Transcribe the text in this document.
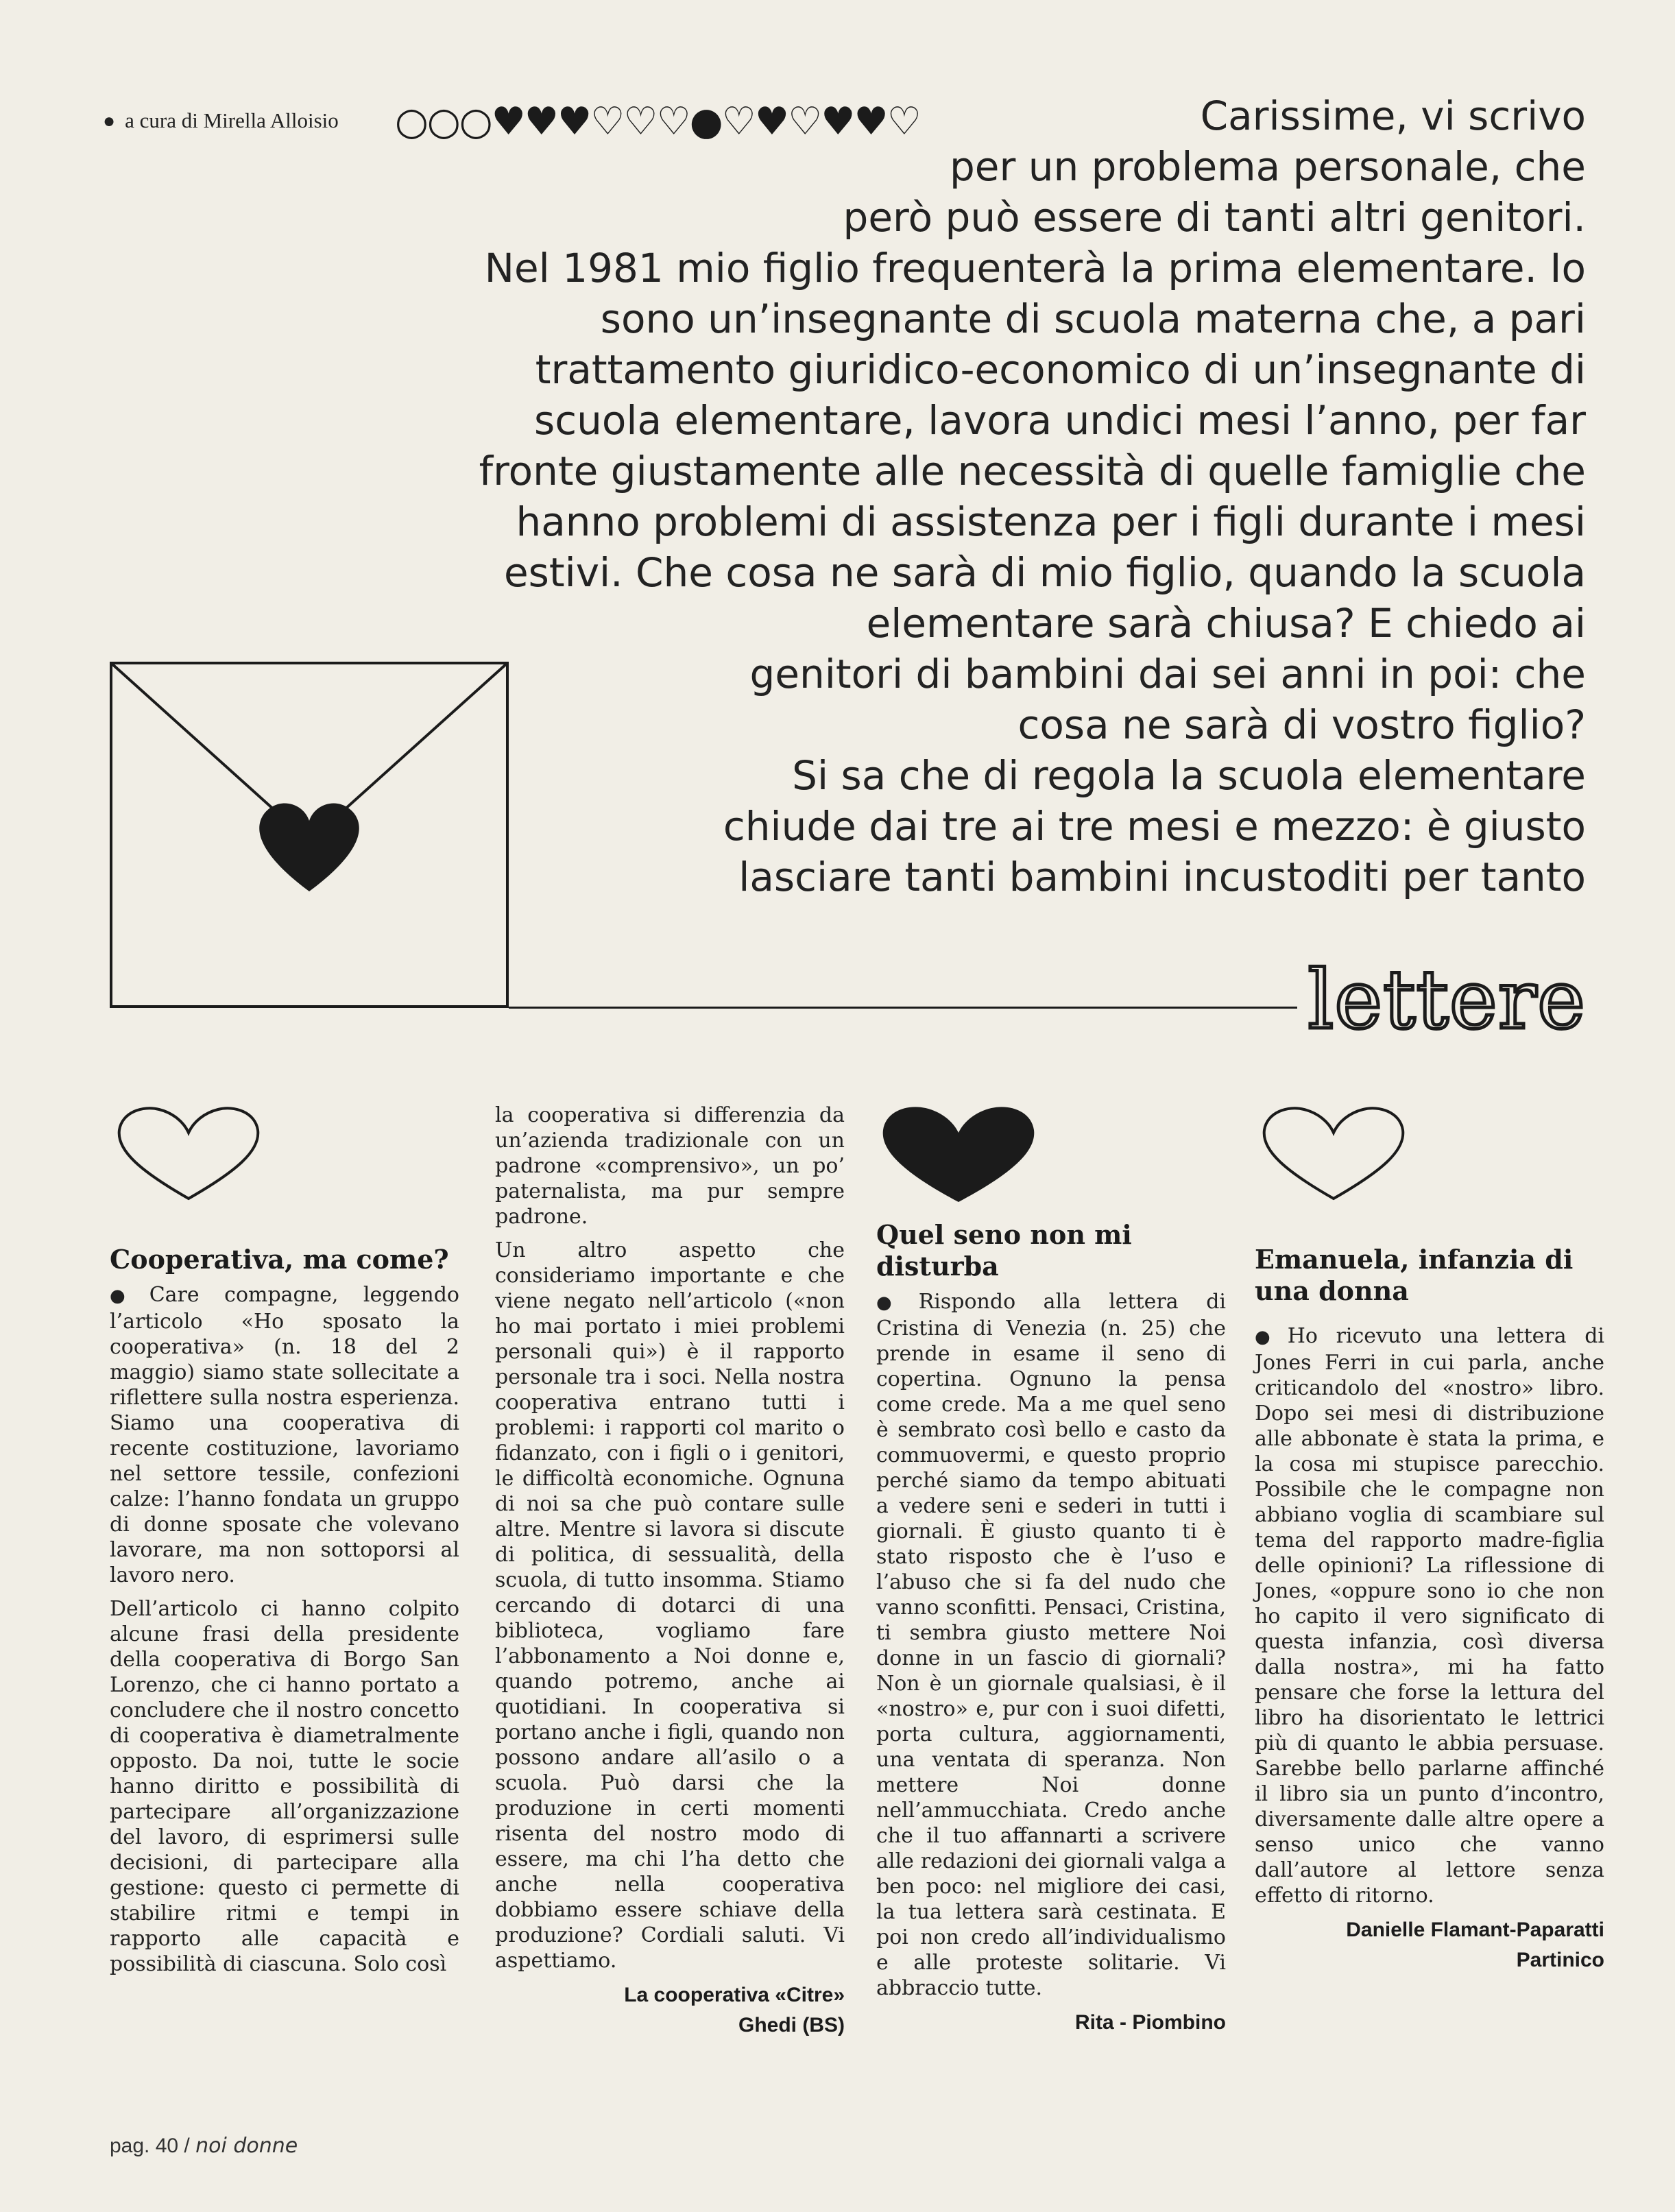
● a cura di Mirella Alloisio ○○○♥♥♥♡♡♡●♡♥♡♥♥♡	Carissime, vi scrivo
per un problema personale, che
però può essere di tanti altri genitori.
Nel 1981 mio figlio frequenterà la prima elementare. Io
sono un’insegnante di scuola materna che, a pari
trattamento giuridico-economico di un’insegnante di
scuola elementare, lavora undici mesi l’anno, per far
fronte giustamente alle necessità di quelle famiglie che
hanno problemi di assistenza per i figli durante i mesi
estivi. Che cosa ne sarà di mio figlio, quando la scuola
elementare sarà chiusa? E chiedo ai
genitori di bambini dai sei anni in poi: che
cosa ne sarà di vostro figlio?
Si sa che di regola la scuola elementare
chiude dai tre ai tre mesi e mezzo: è giusto
lasciare tanti bambini incustoditi per tanto
lettere
Cooperativa, ma come?

● Care compagne, leggendo l’articolo «Ho sposato la cooperativa» (n. 18 del 2 maggio) siamo state sollecitate a riflettere sulla nostra esperienza. Siamo una cooperativa di recente costituzione, lavoriamo nel settore tessile, confezioni calze: l’hanno fondata un gruppo di donne sposate che volevano lavorare, ma non sottoporsi al lavoro nero.

Dell’articolo ci hanno colpito alcune frasi della presidente della cooperativa di Borgo San Lorenzo, che ci hanno portato a concludere che il nostro concetto di cooperativa è diametralmente opposto. Da noi, tutte le socie hanno diritto e possibilità di partecipare all’organizzazione del lavoro, di esprimersi sulle decisioni, di partecipare alla gestione: questo ci permette di stabilire ritmi e tempi in rapporto alle capacità e possibilità di ciascuna. Solo così

la cooperativa si differenzia da un’azienda tradizionale con un padrone «comprensivo», un po’ paternalista, ma pur sempre padrone.

Un altro aspetto che consideriamo importante e che viene negato nell’articolo («non ho mai portato i miei problemi personali qui») è il rapporto personale tra i soci. Nella nostra cooperativa entrano tutti i problemi: i rapporti col marito o fidanzato, con i figli o i genitori, le difficoltà economiche. Ognuna di noi sa che può contare sulle altre. Mentre si lavora si discute di politica, di sessualità, della scuola, di tutto insomma. Stiamo cercando di dotarci di una biblioteca, vogliamo fare l’abbonamento a Noi donne e, quando potremo, anche ai quotidiani. In cooperativa si portano anche i figli, quando non possono andare all’asilo o a scuola. Può darsi che la produzione in certi momenti risenta del nostro modo di essere, ma chi l’ha detto che anche nella cooperativa dobbiamo essere schiave della produzione? Cordiali saluti. Vi aspettiamo.

La cooperativa «Citre»
Ghedi (BS)
Quel seno non mi disturba

● Rispondo alla lettera di Cristina di Venezia (n. 25) che prende in esame il seno di copertina. Ognuno la pensa come crede. Ma a me quel seno è sembrato così bello e casto da commuovermi, e questo proprio perché siamo da tempo abituati a vedere seni e sederi in tutti i giornali. È giusto quanto ti è stato risposto che è l’uso e l’abuso che si fa del nudo che vanno sconfitti. Pensaci, Cristina, ti sembra giusto mettere Noi donne in un fascio di giornali? Non è un giornale qualsiasi, è il «nostro» e, pur con i suoi difetti, porta cultura, aggiornamenti, una ventata di speranza. Non mettere Noi donne nell’ammucchiata. Credo anche che il tuo affannarti a scrivere alle redazioni dei giornali valga a ben poco: nel migliore dei casi, la tua lettera sarà cestinata. E poi non credo all’individualismo e alle proteste solitarie. Vi abbraccio tutte.

Rita - Piombino
Emanuela, infanzia di una donna

● Ho ricevuto una lettera di Jones Ferri in cui parla, anche criticandolo del «nostro» libro. Dopo sei mesi di distribuzione alle abbonate è stata la prima, e la cosa mi stupisce parecchio. Possibile che le compagne non abbiano voglia di scambiare sul tema del rapporto madre-figlia delle opinioni? La riflessione di Jones, «oppure sono io che non ho capito il vero significato di questa infanzia, così diversa dalla nostra», mi ha fatto pensare che forse la lettura del libro ha disorientato le lettrici più di quanto le abbia persuase. Sarebbe bello parlarne affinché il libro sia un punto d’incontro, diversamente dalle altre opere a senso unico che vanno dall’autore al lettore senza effetto di ritorno.

Danielle Flamant-Paparatti
Partinico
pag. 40 / noi donne
